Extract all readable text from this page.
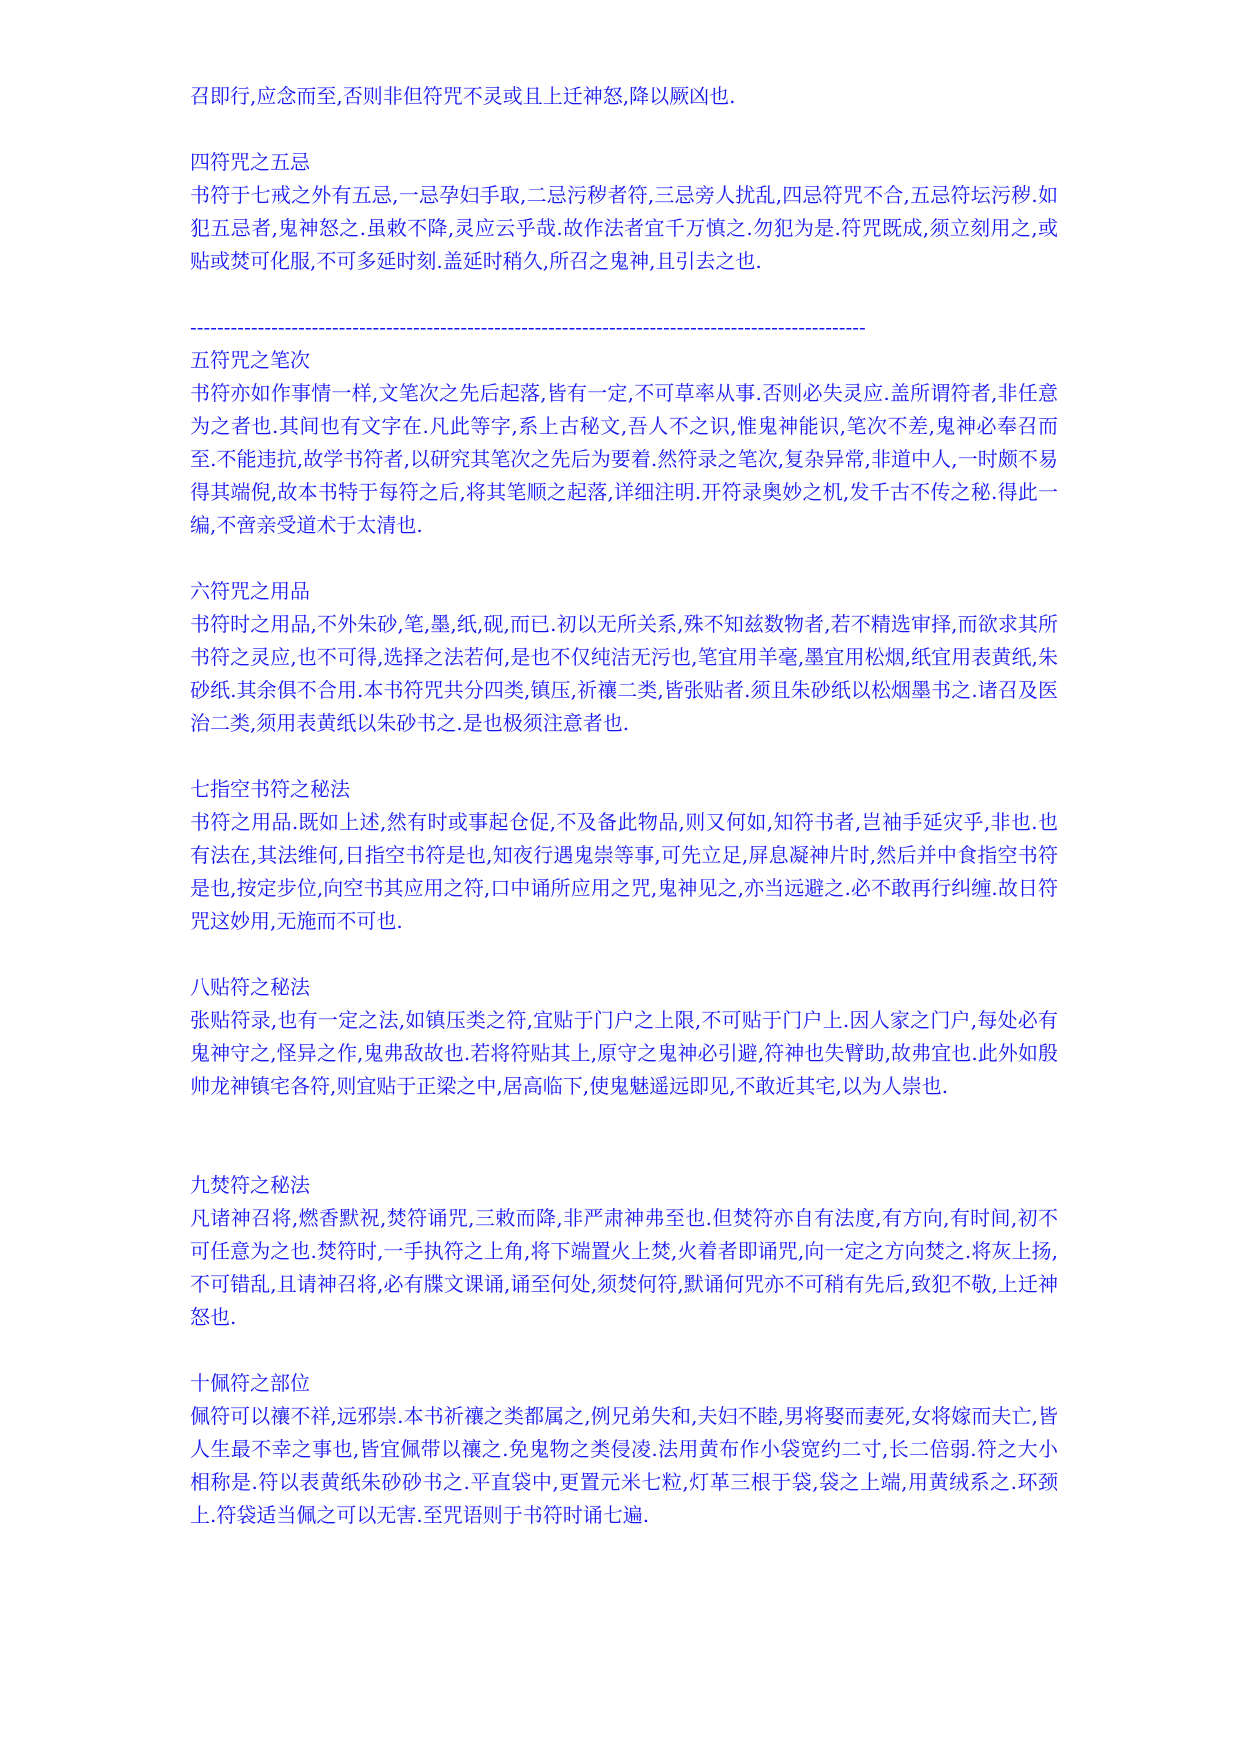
召即行,应念而至,否则非但符咒不灵或且上迁神怒,降以厥凶也.

四符咒之五忌

书符于七戒之外有五忌,一忌孕妇手取,二忌污秽者符,三忌旁人扰乱,四忌符咒不合,五忌符坛污秽.如犯五忌者,鬼神怒之.虽敕不降,灵应云乎哉.故作法者宜千万慎之.勿犯为是.符咒既成,须立刻用之,或贴或焚可化服,不可多延时刻.盖延时稍久,所召之鬼神,且引去之也.

----------------------------------------------------------------------------------------------------
五符咒之笔次

书符亦如作事情一样,文笔次之先后起落,皆有一定,不可草率从事.否则必失灵应.盖所谓符者,非任意为之者也.其间也有文字在.凡此等字,系上古秘文,吾人不之识,惟鬼神能识,笔次不差,鬼神必奉召而至.不能违抗,故学书符者,以研究其笔次之先后为要着.然符录之笔次,复杂异常,非道中人,一时颇不易得其端倪,故本书特于每符之后,将其笔顺之起落,详细注明.开符录奥妙之机,发千古不传之秘.得此一编,不啻亲受道术于太清也.

六符咒之用品

书符时之用品,不外朱砂,笔,墨,纸,砚,而已.初以无所关系,殊不知兹数物者,若不精选审择,而欲求其所书符之灵应,也不可得,选择之法若何,是也不仅纯洁无污也,笔宜用羊毫,墨宜用松烟,纸宜用表黄纸,朱砂纸.其余俱不合用.本书符咒共分四类,镇压,祈禳二类,皆张贴者.须且朱砂纸以松烟墨书之.诸召及医治二类,须用表黄纸以朱砂书之.是也极须注意者也.

七指空书符之秘法

书符之用品.既如上述,然有时或事起仓促,不及备此物品,则又何如,知符书者,岂袖手延灾乎,非也.也有法在,其法维何,日指空书符是也,知夜行遇鬼崇等事,可先立足,屏息凝神片时,然后并中食指空书符是也,按定步位,向空书其应用之符,口中诵所应用之咒,鬼神见之,亦当远避之.必不敢再行纠缠.故日符咒这妙用,无施而不可也.

八贴符之秘法

张贴符录,也有一定之法,如镇压类之符,宜贴于门户之上限,不可贴于门户上.因人家之门户,每处必有鬼神守之,怪异之作,鬼弗敌故也.若将符贴其上,原守之鬼神必引避,符神也失臂助,故弗宜也.此外如殷帅龙神镇宅各符,则宜贴于正梁之中,居高临下,使鬼魅遥远即见,不敢近其宅,以为人崇也.

九焚符之秘法

凡诸神召将,燃香默祝,焚符诵咒,三敕而降,非严肃神弗至也.但焚符亦自有法度,有方向,有时间,初不可任意为之也.焚符时,一手执符之上角,将下端置火上焚,火着者即诵咒,向一定之方向焚之.将灰上扬,不可错乱,且请神召将,必有牒文课诵,诵至何处,须焚何符,默诵何咒亦不可稍有先后,致犯不敬,上迁神怒也.

十佩符之部位

佩符可以禳不祥,远邪崇.本书祈禳之类都属之,例兄弟失和,夫妇不睦,男将娶而妻死,女将嫁而夫亡,皆人生最不幸之事也,皆宜佩带以禳之.免鬼物之类侵凌.法用黄布作小袋宽约二寸,长二倍弱.符之大小相称是.符以表黄纸朱砂砂书之.平直袋中,更置元米七粒,灯革三根于袋,袋之上端,用黄绒系之.环颈上.符袋适当佩之可以无害.至咒语则于书符时诵七遍.
